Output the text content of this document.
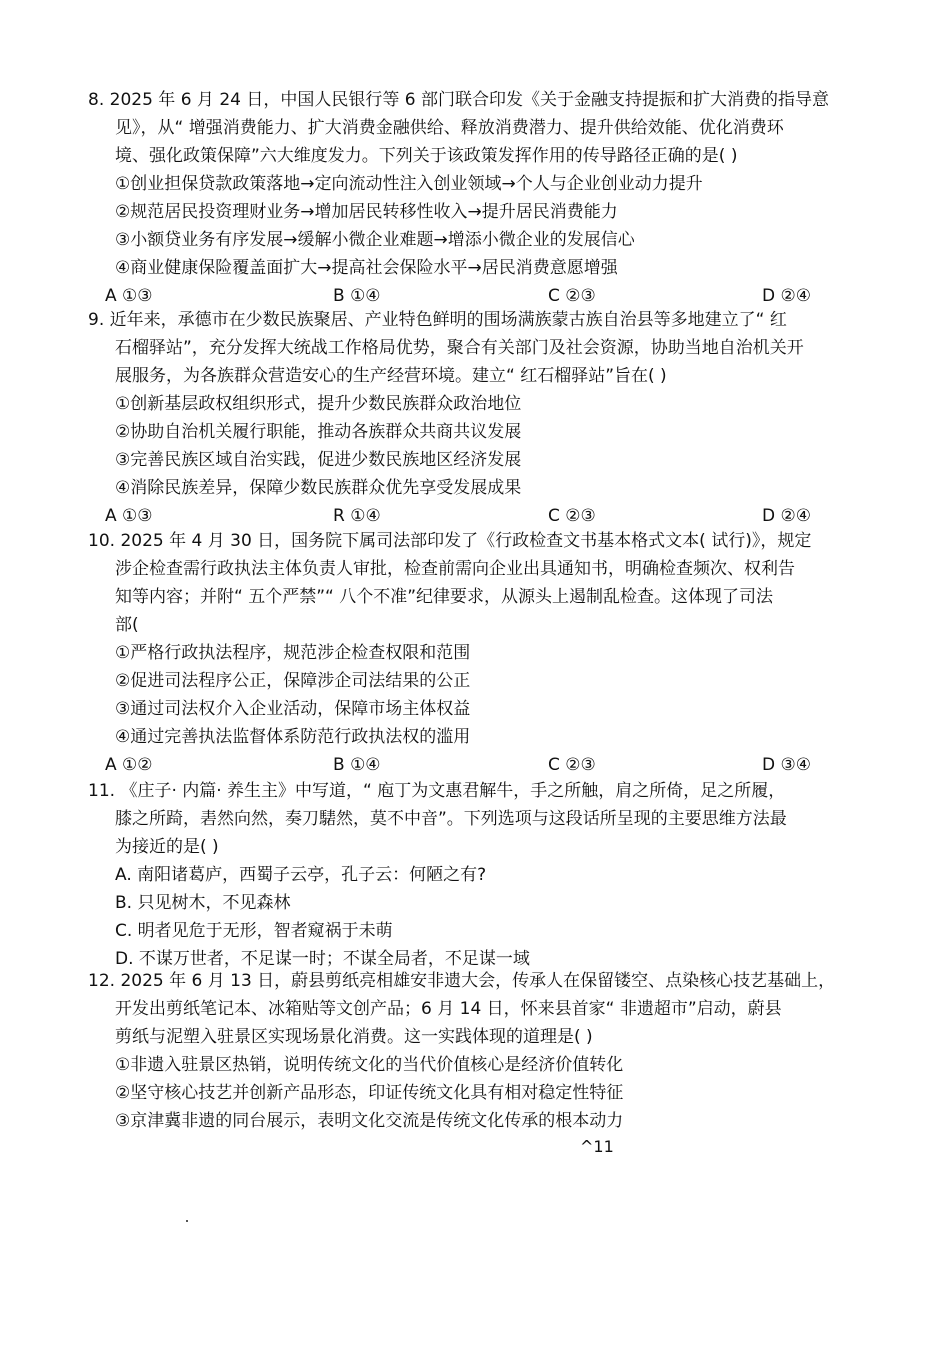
8. 2025 年 6 月 24 日，中国人民银行等 6 部门联合印发《关于金融支持提振和扩大消费的指导意
见》，从“ 增强消费能力、扩大消费金融供给、释放消费潜力、提升供给效能、优化消费环
境、强化政策保障”六大维度发力。下列关于该政策发挥作用的传导路径正确的是( )
①创业担保贷款政策落地→定向流动性注入创业领域→个人与企业创业动力提升
②规范居民投资理财业务→增加居民转移性收入→提升居民消费能力
③小额贷业务有序发展→缓解小微企业难题→增添小微企业的发展信心
④商业健康保险覆盖面扩大→提高社会保险水平→居民消费意愿增强
A ①③	B ①④	C ②③	D ②④
9. 近年来，承德市在少数民族聚居、产业特色鲜明的围场满族蒙古族自治县等多地建立了“ 红
石榴驿站”，充分发挥大统战工作格局优势，聚合有关部门及社会资源，协助当地自治机关开
展服务，为各族群众营造安心的生产经营环境。建立“ 红石榴驿站”旨在( )
①创新基层政权组织形式，提升少数民族群众政治地位
②协助自治机关履行职能，推动各族群众共商共议发展
③完善民族区域自治实践，促进少数民族地区经济发展
④消除民族差异，保障少数民族群众优先享受发展成果
A ①③	R ①④	C ②③	D ②④
10. 2025 年 4 月 30 日，国务院下属司法部印发了《行政检查文书基本格式文本( 试行)》，规定
涉企检查需行政执法主体负责人审批，检查前需向企业出具通知书，明确检查频次、权利告
知等内容；并附“ 五个严禁”“ 八个不准”纪律要求，从源头上遏制乱检查。这体现了司法
部(
①严格行政执法程序，规范涉企检查权限和范围
②促进司法程序公正，保障涉企司法结果的公正
③通过司法权介入企业活动，保障市场主体权益
④通过完善执法监督体系防范行政执法权的滥用
A ①②	B ①④	C ②③	D ③④
11. 《庄子· 内篇· 养生主》中写道，“ 庖丁为文惠君解牛，手之所触，肩之所倚，足之所履，
膝之所踦，砉然向然，奏刀騞然，莫不中音”。下列选项与这段话所呈现的主要思维方法最
为接近的是( )
A. 南阳诸葛庐，西蜀子云亭，孔子云：何陋之有?
B. 只见树木，不见森林
C. 明者见危于无形，智者窥祸于未萌
D. 不谋万世者，不足谋一时；不谋全局者，不足谋一域
12. 2025 年 6 月 13 日，蔚县剪纸亮相雄安非遗大会，传承人在保留镂空、点染核心技艺基础上，
开发出剪纸笔记本、冰箱贴等文创产品；6 月 14 日，怀来县首家“ 非遗超市”启动，蔚县
剪纸与泥塑入驻景区实现场景化消费。这一实践体现的道理是( )
①非遗入驻景区热销，说明传统文化的当代价值核心是经济价值转化
②坚守核心技艺并创新产品形态，印证传统文化具有相对稳定性特征
③京津冀非遗的同台展示，表明文化交流是传统文化传承的根本动力
^11
